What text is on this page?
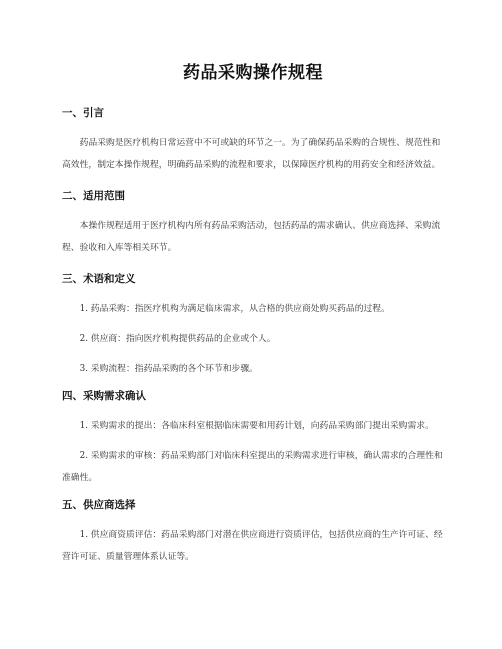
药品采购操作规程
一、引言

药品采购是医疗机构日常运营中不可或缺的环节之一。为了确保药品采购的合规性、规范性和高效性，制定本操作规程，明确药品采购的流程和要求，以保障医疗机构的用药安全和经济效益。

二、适用范围

本操作规程适用于医疗机构内所有药品采购活动，包括药品的需求确认、供应商选择、采购流程、验收和入库等相关环节。

三、术语和定义

1. 药品采购：指医疗机构为满足临床需求，从合格的供应商处购买药品的过程。

2. 供应商：指向医疗机构提供药品的企业或个人。

3. 采购流程：指药品采购的各个环节和步骤。

四、采购需求确认

1. 采购需求的提出：各临床科室根据临床需要和用药计划，向药品采购部门提出采购需求。

2. 采购需求的审核：药品采购部门对临床科室提出的采购需求进行审核，确认需求的合理性和准确性。

五、供应商选择

1. 供应商资质评估：药品采购部门对潜在供应商进行资质评估，包括供应商的生产许可证、经营许可证、质量管理体系认证等。
